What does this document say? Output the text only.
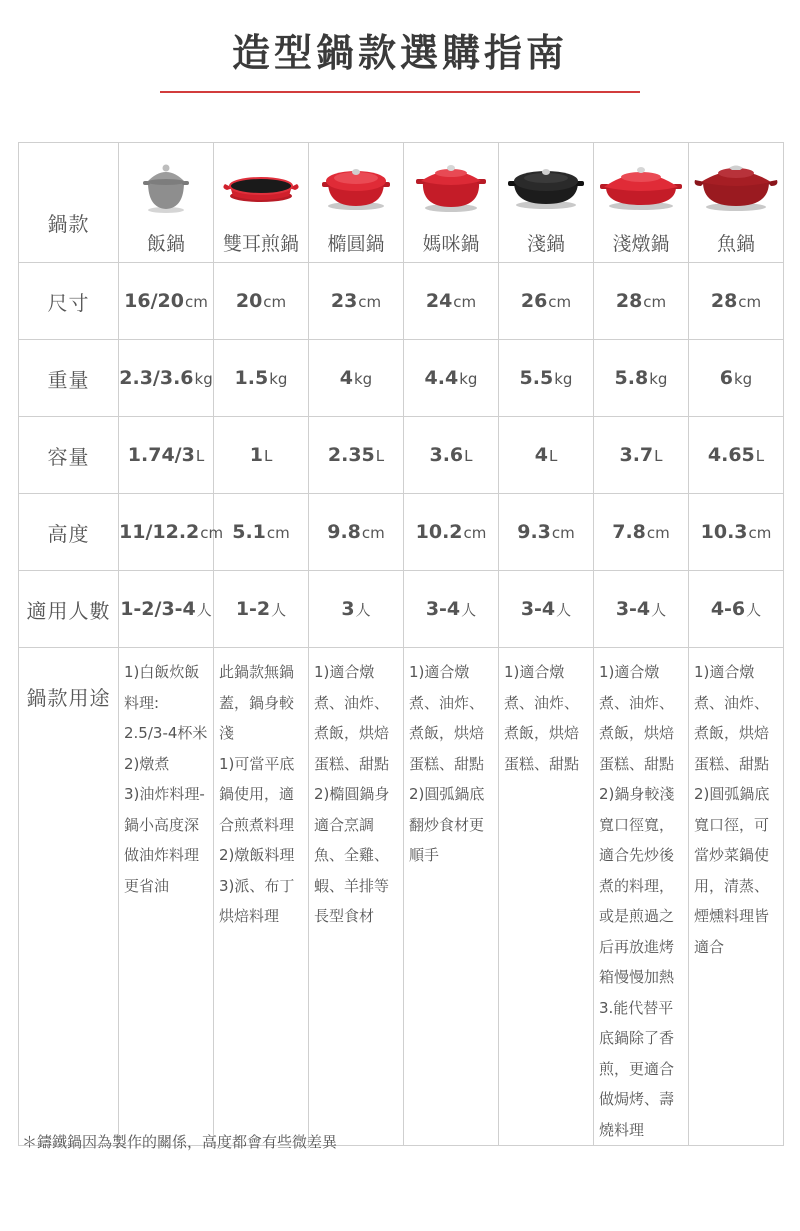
造型鍋款選購指南
鍋款	飯鍋	雙耳煎鍋	橢圓鍋	媽咪鍋	淺鍋	淺燉鍋	魚鍋

尺寸	16/20cm	20cm	23cm	24cm	26cm	28cm	28cm
重量	2.3/3.6kg	1.5kg	4kg	4.4kg	5.5kg	5.8kg	6kg
容量	1.74/3L	1L	2.35L	3.6L	4L	3.7L	4.65L
高度	11/12.2cm	5.1cm	9.8cm	10.2cm	9.3cm	7.8cm	10.3cm
適用人數	1-2/3-4人	1-2人	3人	3-4人	3-4人	3-4人	4-6人

鍋款用途	1)白飯炊飯料理:
2.5/3-4杯米
2)燉煮
3)油炸料理-鍋小高度深做油炸料理更省油	此鍋款無鍋蓋，鍋身較淺
1)可當平底鍋使用，適合煎煮料理
2)燉飯料理
3)派、布丁烘焙料理	1)適合燉煮、油炸、煮飯，烘焙蛋糕、甜點
2)橢圓鍋身適合烹調魚、全雞、蝦、羊排等長型食材	1)適合燉煮、油炸、煮飯，烘焙蛋糕、甜點
2)圓弧鍋底翻炒食材更順手	1)適合燉煮、油炸、煮飯，烘焙蛋糕、甜點	1)適合燉煮、油炸、煮飯，烘焙蛋糕、甜點
2)鍋身較淺寬口徑寬，適合先炒後煮的料理，或是煎過之后再放進烤箱慢慢加熱
3.能代替平底鍋除了香煎，更適合做焗烤、壽燒料理	1)適合燉煮、油炸、煮飯，烘焙蛋糕、甜點
2)圓弧鍋底寬口徑，可當炒菜鍋使用，清蒸、煙燻料理皆適合
＊鑄鐵鍋因為製作的關係，高度都會有些微差異
